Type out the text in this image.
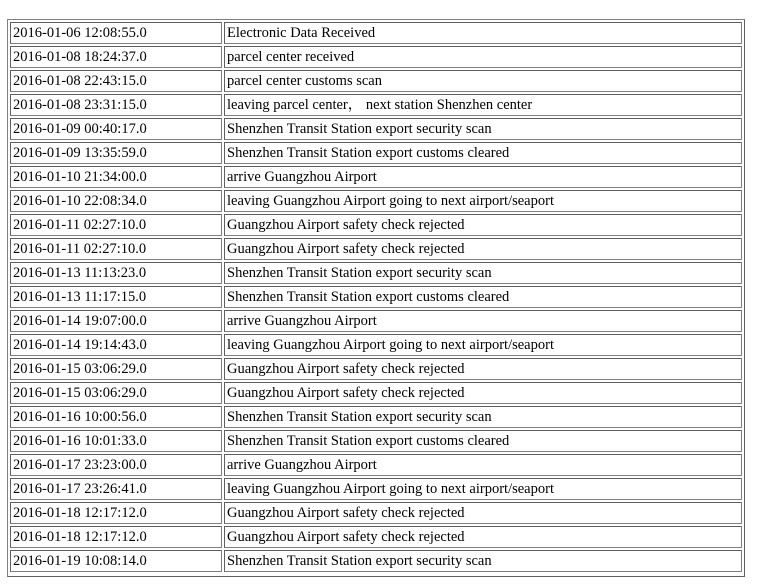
2016-01-06 12:08:55.0	Electronic Data Received
2016-01-08 18:24:37.0	parcel center received
2016-01-08 22:43:15.0	parcel center customs scan
2016-01-08 23:31:15.0	leaving parcel center， next station Shenzhen center
2016-01-09 00:40:17.0	Shenzhen Transit Station export security scan
2016-01-09 13:35:59.0	Shenzhen Transit Station export customs cleared
2016-01-10 21:34:00.0	arrive Guangzhou Airport
2016-01-10 22:08:34.0	leaving Guangzhou Airport going to next airport/seaport
2016-01-11 02:27:10.0	Guangzhou Airport safety check rejected
2016-01-11 02:27:10.0	Guangzhou Airport safety check rejected
2016-01-13 11:13:23.0	Shenzhen Transit Station export security scan
2016-01-13 11:17:15.0	Shenzhen Transit Station export customs cleared
2016-01-14 19:07:00.0	arrive Guangzhou Airport
2016-01-14 19:14:43.0	leaving Guangzhou Airport going to next airport/seaport
2016-01-15 03:06:29.0	Guangzhou Airport safety check rejected
2016-01-15 03:06:29.0	Guangzhou Airport safety check rejected
2016-01-16 10:00:56.0	Shenzhen Transit Station export security scan
2016-01-16 10:01:33.0	Shenzhen Transit Station export customs cleared
2016-01-17 23:23:00.0	arrive Guangzhou Airport
2016-01-17 23:26:41.0	leaving Guangzhou Airport going to next airport/seaport
2016-01-18 12:17:12.0	Guangzhou Airport safety check rejected
2016-01-18 12:17:12.0	Guangzhou Airport safety check rejected
2016-01-19 10:08:14.0	Shenzhen Transit Station export security scan
